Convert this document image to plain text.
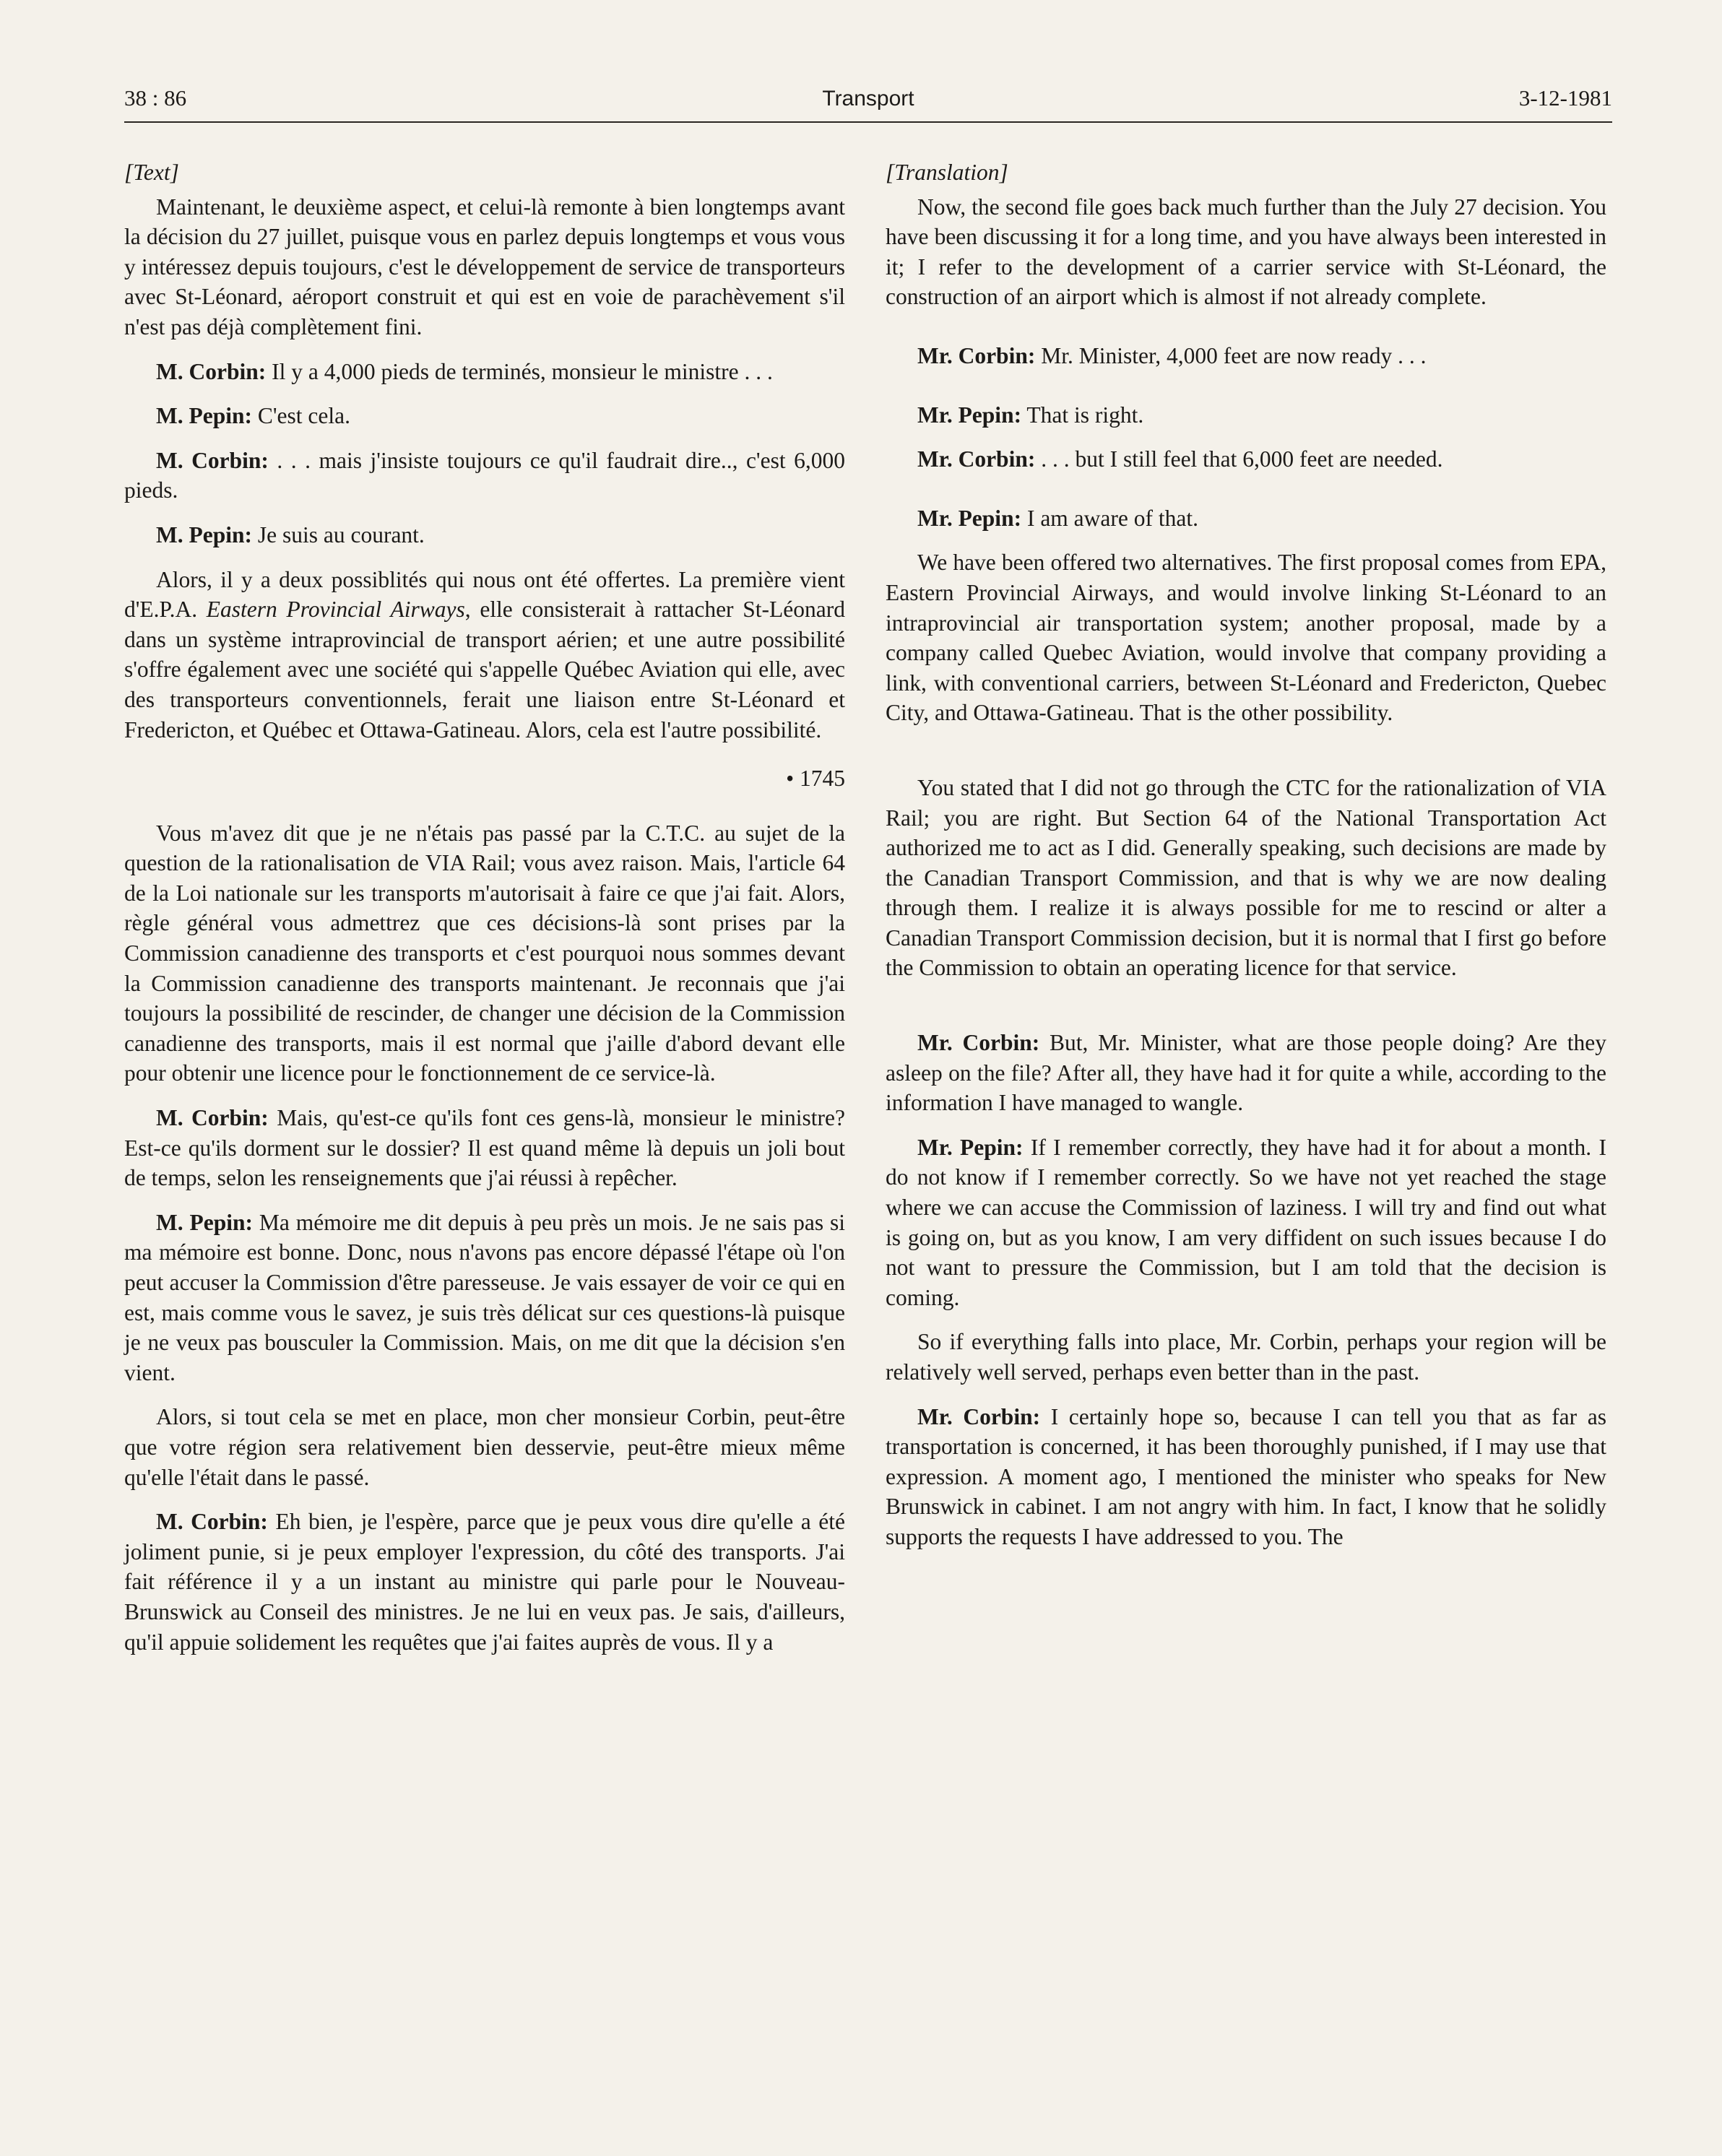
38 : 86	Transport	3-12-1981
[Text]

Maintenant, le deuxième aspect, et celui-là remonte à bien longtemps avant la décision du 27 juillet, puisque vous en parlez depuis longtemps et vous vous y intéressez depuis toujours, c'est le développement de service de transporteurs avec St-Léonard, aéroport construit et qui est en voie de parachèvement s'il n'est pas déjà complètement fini.

M. Corbin: Il y a 4,000 pieds de terminés, monsieur le ministre . . .

M. Pepin: C'est cela.

M. Corbin: . . . mais j'insiste toujours ce qu'il faudrait dire.., c'est 6,000 pieds.

M. Pepin: Je suis au courant.

Alors, il y a deux possiblités qui nous ont été offertes. La première vient d'E.P.A. Eastern Provincial Airways, elle consisterait à rattacher St-Léonard dans un système intraprovincial de transport aérien; et une autre possibilité s'offre également avec une société qui s'appelle Québec Aviation qui elle, avec des transporteurs conventionnels, ferait une liaison entre St-Léonard et Fredericton, et Québec et Ottawa-Gatineau. Alors, cela est l'autre possibilité.

• 1745

Vous m'avez dit que je ne n'étais pas passé par la C.T.C. au sujet de la question de la rationalisation de VIA Rail; vous avez raison. Mais, l'article 64 de la Loi nationale sur les transports m'autorisait à faire ce que j'ai fait. Alors, règle général vous admettrez que ces décisions-là sont prises par la Commission canadienne des transports et c'est pourquoi nous sommes devant la Commission canadienne des transports maintenant. Je reconnais que j'ai toujours la possibilité de rescinder, de changer une décision de la Commission canadienne des transports, mais il est normal que j'aille d'abord devant elle pour obtenir une licence pour le fonctionnement de ce service-là.

M. Corbin: Mais, qu'est-ce qu'ils font ces gens-là, monsieur le ministre? Est-ce qu'ils dorment sur le dossier? Il est quand même là depuis un joli bout de temps, selon les renseignements que j'ai réussi à repêcher.

M. Pepin: Ma mémoire me dit depuis à peu près un mois. Je ne sais pas si ma mémoire est bonne. Donc, nous n'avons pas encore dépassé l'étape où l'on peut accuser la Commission d'être paresseuse. Je vais essayer de voir ce qui en est, mais comme vous le savez, je suis très délicat sur ces questions-là puisque je ne veux pas bousculer la Commission. Mais, on me dit que la décision s'en vient.

Alors, si tout cela se met en place, mon cher monsieur Corbin, peut-être que votre région sera relativement bien desservie, peut-être mieux même qu'elle l'était dans le passé.

M. Corbin: Eh bien, je l'espère, parce que je peux vous dire qu'elle a été joliment punie, si je peux employer l'expression, du côté des transports. J'ai fait référence il y a un instant au ministre qui parle pour le Nouveau-Brunswick au Conseil des ministres. Je ne lui en veux pas. Je sais, d'ailleurs, qu'il appuie solidement les requêtes que j'ai faites auprès de vous. Il y a

[Translation]

Now, the second file goes back much further than the July 27 decision. You have been discussing it for a long time, and you have always been interested in it; I refer to the development of a carrier service with St-Léonard, the construction of an airport which is almost if not already complete.

Mr. Corbin: Mr. Minister, 4,000 feet are now ready . . .

Mr. Pepin: That is right.

Mr. Corbin: . . . but I still feel that 6,000 feet are needed.

Mr. Pepin: I am aware of that.

We have been offered two alternatives. The first proposal comes from EPA, Eastern Provincial Airways, and would involve linking St-Léonard to an intraprovincial air transportation system; another proposal, made by a company called Quebec Aviation, would involve that company providing a link, with conventional carriers, between St-Léonard and Fredericton, Quebec City, and Ottawa-Gatineau. That is the other possibility.

You stated that I did not go through the CTC for the rationalization of VIA Rail; you are right. But Section 64 of the National Transportation Act authorized me to act as I did. Generally speaking, such decisions are made by the Canadian Transport Commission, and that is why we are now dealing through them. I realize it is always possible for me to rescind or alter a Canadian Transport Commission decision, but it is normal that I first go before the Commission to obtain an operating licence for that service.

Mr. Corbin: But, Mr. Minister, what are those people doing? Are they asleep on the file? After all, they have had it for quite a while, according to the information I have managed to wangle.

Mr. Pepin: If I remember correctly, they have had it for about a month. I do not know if I remember correctly. So we have not yet reached the stage where we can accuse the Commission of laziness. I will try and find out what is going on, but as you know, I am very diffident on such issues because I do not want to pressure the Commission, but I am told that the decision is coming.

So if everything falls into place, Mr. Corbin, perhaps your region will be relatively well served, perhaps even better than in the past.

Mr. Corbin: I certainly hope so, because I can tell you that as far as transportation is concerned, it has been thoroughly punished, if I may use that expression. A moment ago, I mentioned the minister who speaks for New Brunswick in cabinet. I am not angry with him. In fact, I know that he solidly supports the requests I have addressed to you. The
